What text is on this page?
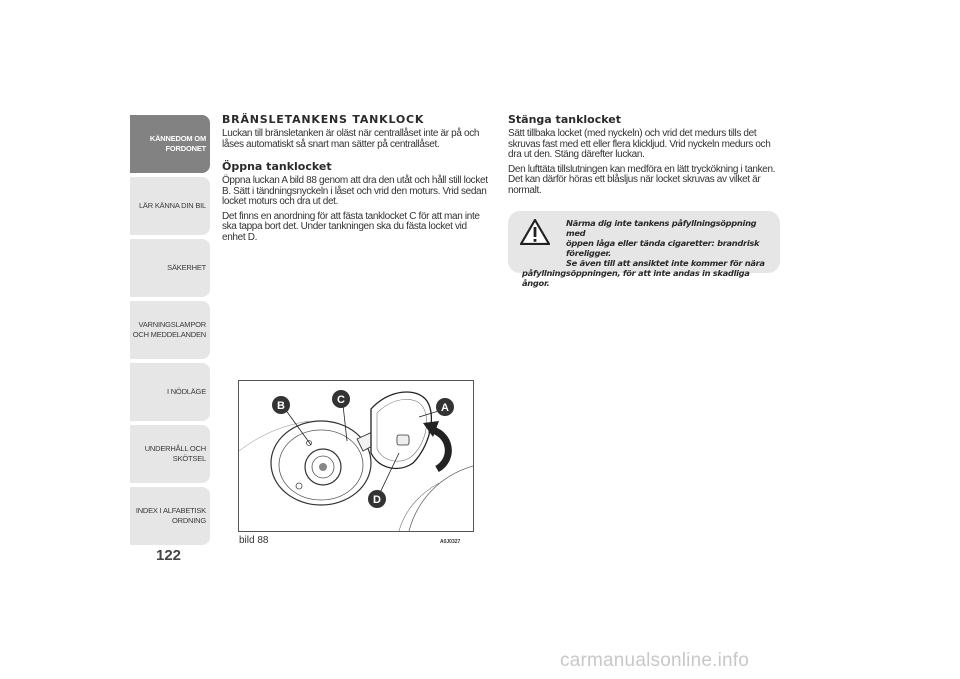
KÄNNEDOM OM
FORDONET
LÄR KÄNNA DIN BIL
SÄKERHET
VARNINGSLAMPOR
OCH MEDDELANDEN
I NÖDLÄGE
UNDERHÅLL OCH
SKÖTSEL
INDEX I ALFABETISK
ORDNING
122
BRÄNSLETANKENS TANKLOCK
Luckan till bränsletanken är oläst när centrallåset inte är på och låses automatiskt så snart man sätter på centrallåset.
Öppna tanklocket
Öppna luckan A bild 88 genom att dra den utåt och håll still locket B. Sätt i tändningsnyckeln i låset och vrid den moturs. Vrid sedan locket moturs och dra ut det.
Det finns en anordning för att fästa tanklocket C för att man inte ska tappa bort det. Under tankningen ska du fästa locket vid enhet D.
Stänga tanklocket
Sätt tillbaka locket (med nyckeln) och vrid det medurs tills det skruvas fast med ett eller flera klickljud. Vrid nyckeln medurs och dra ut den. Stäng därefter luckan.
Den lufttäta tillslutningen kan medföra en lätt tryckökning i tanken. Det kan därför höras ett blåsljus när locket skruvas av vilket är normalt.
Närma dig inte tankens påfyllningsöppning med
öppen låga eller tända cigaretter: brandrisk föreligger.
Se även till att ansiktet inte kommer för nära
påfyllningsöppningen, för att inte andas in skadliga ångor.
B	C
A
D
bild 88	A0J0327
carmanualsonline.info
